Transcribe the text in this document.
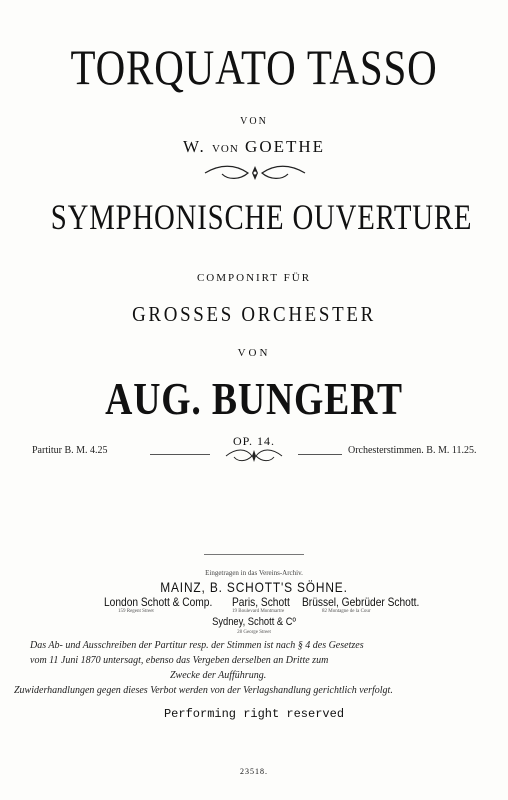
TORQUATO TASSO
VON
W. VON GOETHE
SYMPHONISCHE OUVERTURE
COMPONIRT FÜR
GROSSES ORCHESTER
VON
AUG. BUNGERT
OP. 14.
Partitur B. M. 4.25	Orchesterstimmen. B. M. 11.25.
Eingetragen in das Vereins-Archiv.
MAINZ, B. SCHOTT'S SÖHNE.
London Schott & Comp. Paris, Schott Brüssel, Gebrüder Schott.
159 Regent Street	19 Boulevard Montmartre	82 Montagne de la Cour
Sydney, Schott & Cº
28 George Street
Das Ab- und Ausschreiben der Partitur resp. der Stimmen ist nach § 4 des Gesetzes
vom 11 Juni 1870 untersagt, ebenso das Vergeben derselben an Dritte zum
Zwecke der Aufführung.
Zuwiderhandlungen gegen dieses Verbot werden von der Verlagshandlung gerichtlich verfolgt.
Performing right reserved
23518.
